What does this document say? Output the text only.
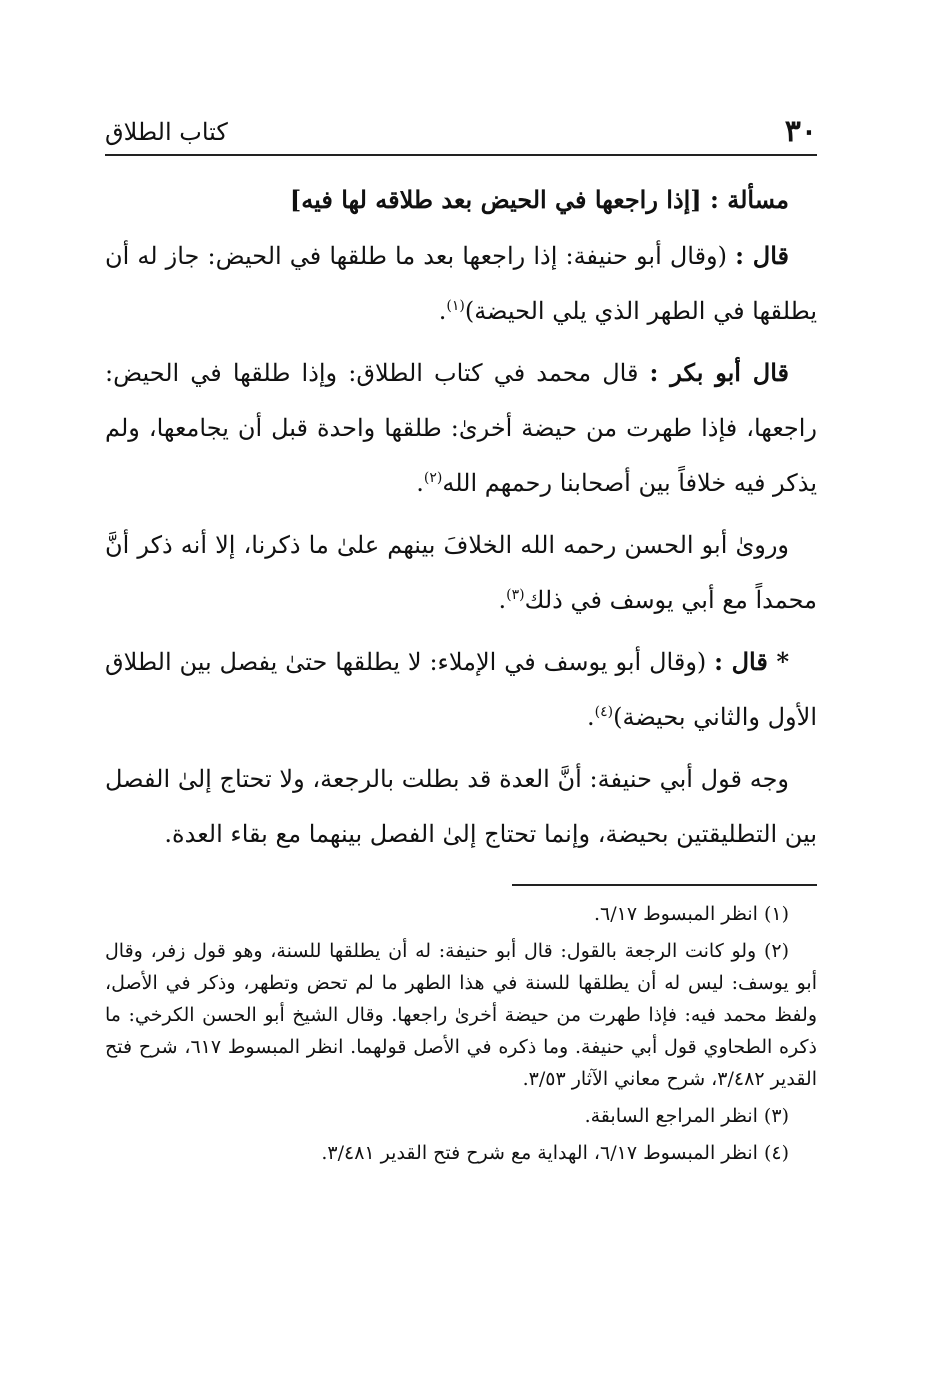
٣٠
كتاب الطلاق
مسألة : [إذا راجعها في الحيض بعد طلاقه لها فيه]

قال : (وقال أبو حنيفة: إذا راجعها بعد ما طلقها في الحيض: جاز له أن يطلقها في الطهر الذي يلي الحيضة)$^{(١)}$.

قال أبو بكر : قال محمد في كتاب الطلاق: وإذا طلقها في الحيض: راجعها، فإذا طهرت من حيضة أخرىٰ: طلقها واحدة قبل أن يجامعها، ولم يذكر فيه خلافاً بين أصحابنا رحمهم الله$^{(٢)}$.

ورویٰ أبو الحسن رحمه الله الخلافَ بينهم علىٰ ما ذكرنا، إلا أنه ذكر أنَّ محمداً مع أبي يوسف في ذلك$^{(٣)}$.

* قال : (وقال أبو يوسف في الإملاء: لا يطلقها حتىٰ يفصل بين الطلاق الأول والثاني بحيضة)$^{(٤)}$.

وجه قول أبي حنيفة: أنَّ العدة قد بطلت بالرجعة، ولا تحتاج إلىٰ الفصل بين التطليقتين بحيضة، وإنما تحتاج إلىٰ الفصل بينهما مع بقاء العدة.

(١) انظر المبسوط ٦/١٧.

(٢) ولو كانت الرجعة بالقول: قال أبو حنيفة: له أن يطلقها للسنة، وهو قول زفر، وقال أبو يوسف: ليس له أن يطلقها للسنة في هذا الطهر ما لم تحض وتطهر، وذكر في الأصل، ولفظ محمد فيه: فإذا طهرت من حيضة أخرىٰ راجعها. وقال الشيخ أبو الحسن الكرخي: ما ذكره الطحاوي قول أبي حنيفة. وما ذكره في الأصل قولهما. انظر المبسوط ٦١٧، شرح فتح القدير ٣/٤٨٢، شرح معاني الآثار ٣/٥٣.

(٣) انظر المراجع السابقة.

(٤) انظر المبسوط ٦/١٧، الهداية مع شرح فتح القدير ٣/٤٨١.
